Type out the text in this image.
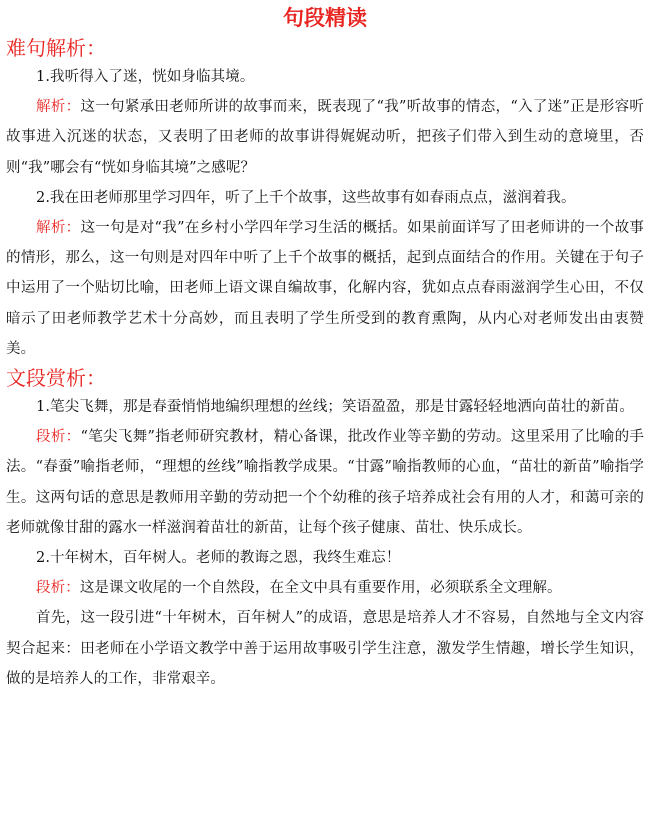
句段精读
难句解析：

1.我听得入了迷，恍如身临其境。

解析：这一句紧承田老师所讲的故事而来，既表现了“我”听故事的情态，“入了迷”正是形容听故事进入沉迷的状态，又表明了田老师的故事讲得娓娓动听，把孩子们带入到生动的意境里，否则“我”哪会有“恍如身临其境”之感呢？

2.我在田老师那里学习四年，听了上千个故事，这些故事有如春雨点点，滋润着我。

解析：这一句是对“我”在乡村小学四年学习生活的概括。如果前面详写了田老师讲的一个故事的情形，那么，这一句则是对四年中听了上千个故事的概括，起到点面结合的作用。关键在于句子中运用了一个贴切比喻，田老师上语文课自编故事，化解内容，犹如点点春雨滋润学生心田，不仅暗示了田老师教学艺术十分高妙，而且表明了学生所受到的教育熏陶，从内心对老师发出由衷赞美。

文段赏析：

1.笔尖飞舞，那是春蚕悄悄地编织理想的丝线；笑语盈盈，那是甘露轻轻地洒向苗壮的新苗。

段析：“笔尖飞舞”指老师研究教材，精心备课，批改作业等辛勤的劳动。这里采用了比喻的手法。“春蚕”喻指老师，“理想的丝线”喻指教学成果。“甘露”喻指教师的心血，“苗壮的新苗”喻指学生。这两句话的意思是教师用辛勤的劳动把一个个幼稚的孩子培养成社会有用的人才，和蔼可亲的老师就像甘甜的露水一样滋润着苗壮的新苗，让每个孩子健康、苗壮、快乐成长。

2.十年树木，百年树人。老师的教诲之恩，我终生难忘！

段析：这是课文收尾的一个自然段，在全文中具有重要作用，必须联系全文理解。

首先，这一段引进“十年树木，百年树人”的成语，意思是培养人才不容易，自然地与全文内容契合起来：田老师在小学语文教学中善于运用故事吸引学生注意，激发学生情趣，增长学生知识，做的是培养人的工作，非常艰辛。
